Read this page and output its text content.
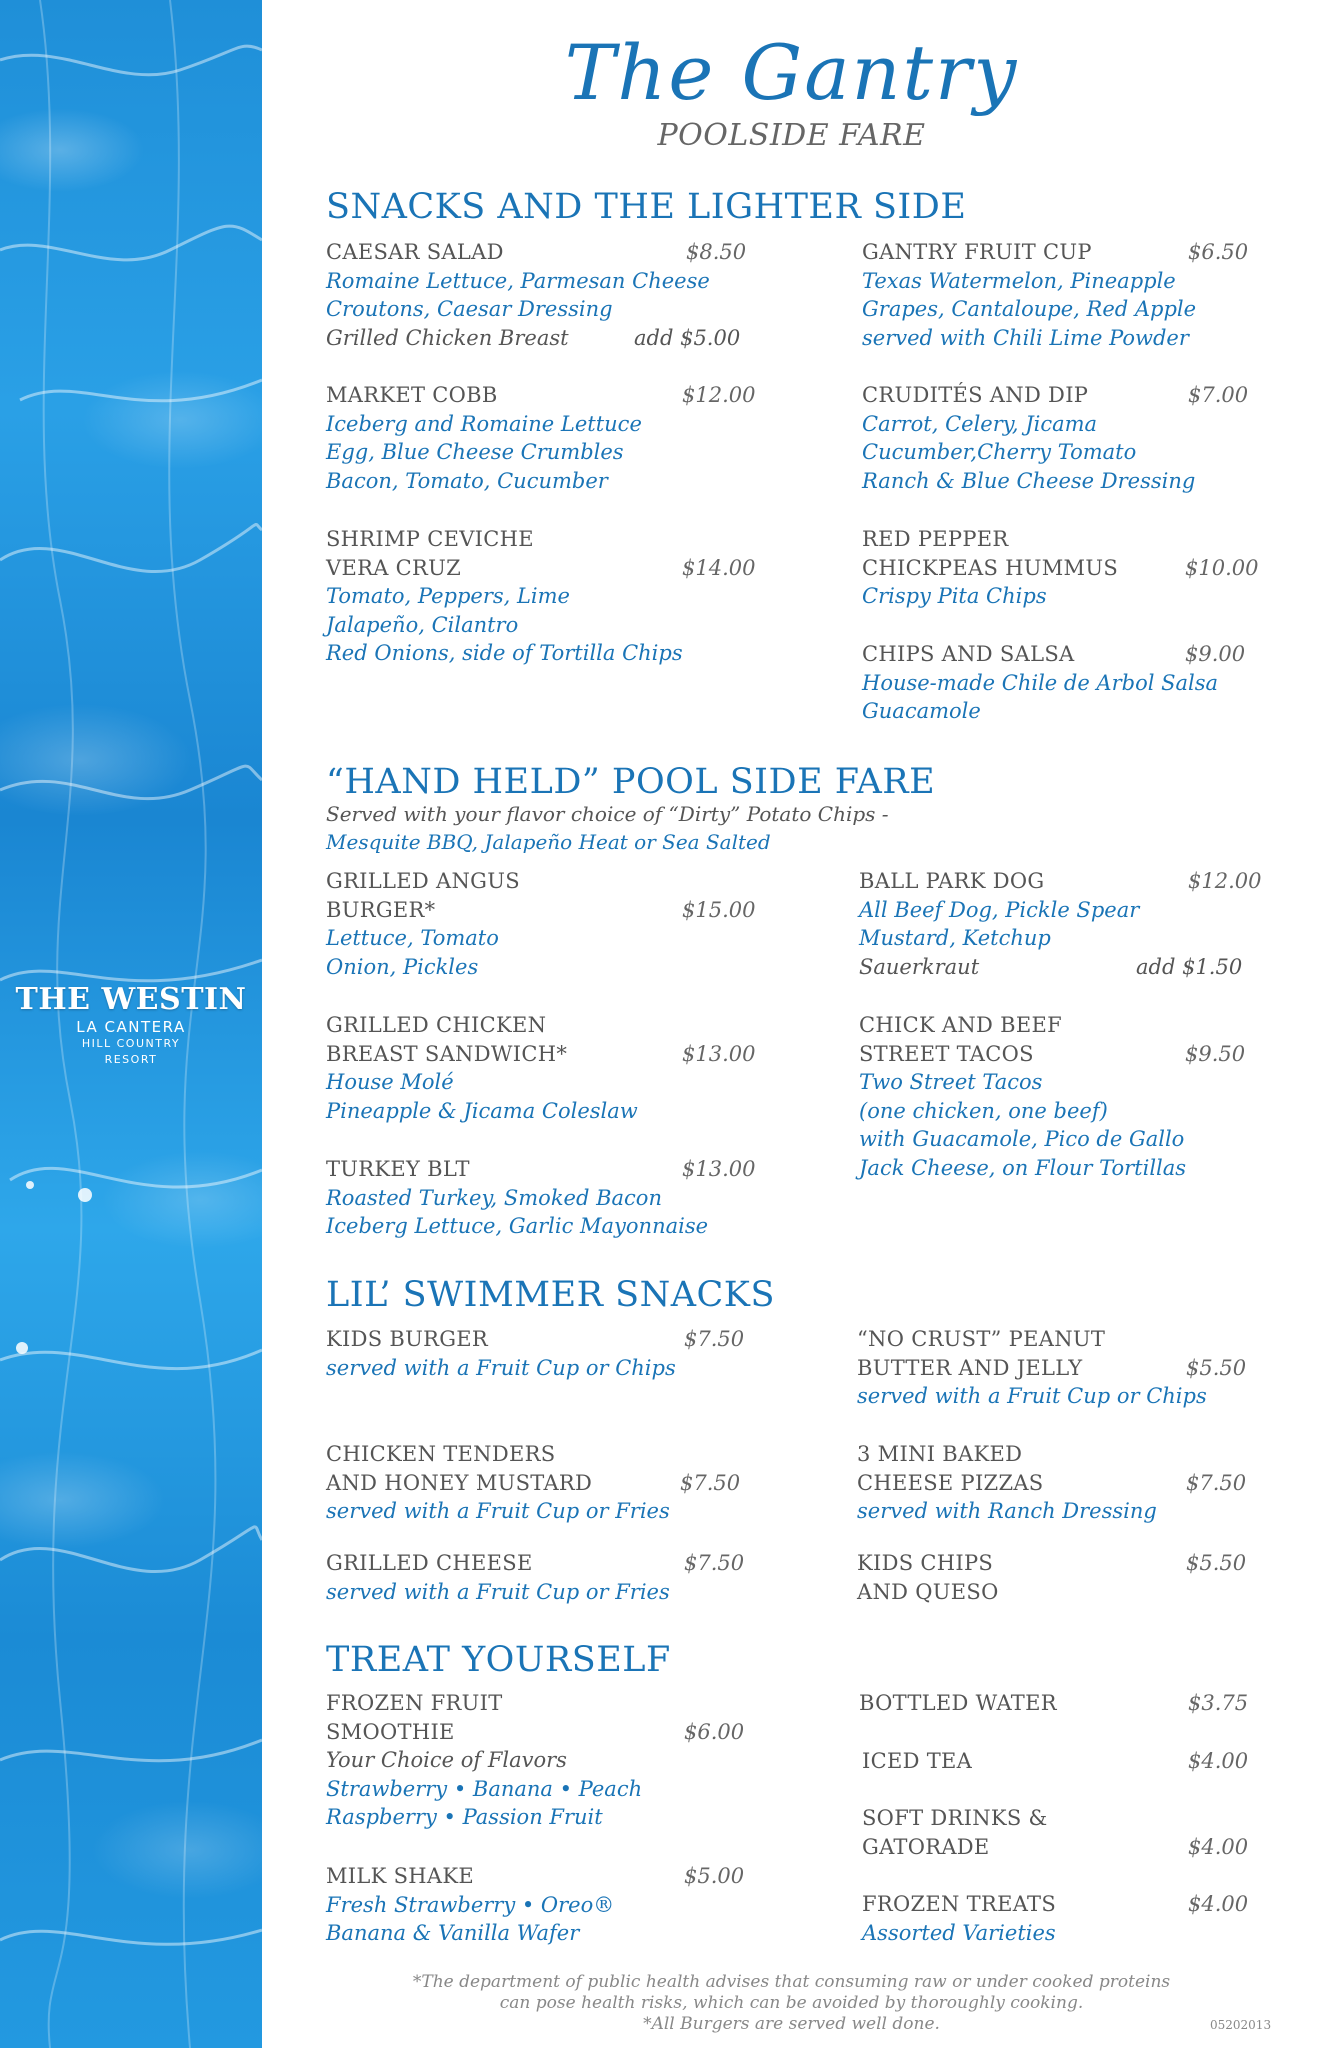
THE WESTIN
LA CANTERA
HILL COUNTRY
RESORT
The Gantry
POOLSIDE FARE
SNACKS AND THE LIGHTER SIDE
CAESAR SALAD
Romaine Lettuce, Parmesan Cheese
Croutons, Caesar Dressing
Grilled Chicken Breast
$8.50
add $5.00
MARKET COBB
Iceberg and Romaine Lettuce
Egg, Blue Cheese Crumbles
Bacon, Tomato, Cucumber
$12.00
SHRIMP CEVICHE
VERA CRUZ
Tomato, Peppers, Lime
Jalapeño, Cilantro
Red Onions, side of Tortilla Chips
$14.00
GANTRY FRUIT CUP
Texas Watermelon, Pineapple
Grapes, Cantaloupe, Red Apple
served with Chili Lime Powder
$6.50
CRUDITÉS AND DIP
Carrot, Celery, Jicama
Cucumber,Cherry Tomato
Ranch & Blue Cheese Dressing
$7.00
RED PEPPER
CHICKPEAS HUMMUS
Crispy Pita Chips
$10.00
CHIPS AND SALSA
House-made Chile de Arbol Salsa
Guacamole
$9.00
“HAND HELD” POOL SIDE FARE
Served with your flavor choice of “Dirty” Potato Chips -
Mesquite BBQ, Jalapeño Heat or Sea Salted
GRILLED ANGUS
BURGER*
Lettuce, Tomato
Onion, Pickles
$15.00
GRILLED CHICKEN
BREAST SANDWICH*
House Molé
Pineapple & Jicama Coleslaw
$13.00
TURKEY BLT
Roasted Turkey, Smoked Bacon
Iceberg Lettuce, Garlic Mayonnaise
$13.00
BALL PARK DOG
All Beef Dog, Pickle Spear
Mustard, Ketchup
Sauerkraut
$12.00
add $1.50
CHICK AND BEEF
STREET TACOS
Two Street Tacos
(one chicken, one beef)
with Guacamole, Pico de Gallo
Jack Cheese, on Flour Tortillas
$9.50
LIL’ SWIMMER SNACKS
KIDS BURGER
served with a Fruit Cup or Chips
$7.50
CHICKEN TENDERS
AND HONEY MUSTARD
served with a Fruit Cup or Fries
$7.50
GRILLED CHEESE
served with a Fruit Cup or Fries
$7.50
“NO CRUST” PEANUT
BUTTER AND JELLY
served with a Fruit Cup or Chips
$5.50
3 MINI BAKED
CHEESE PIZZAS
served with Ranch Dressing
$7.50
KIDS CHIPS
AND QUESO
$5.50
TREAT YOURSELF
FROZEN FRUIT
SMOOTHIE
Your Choice of Flavors
Strawberry • Banana • Peach
Raspberry • Passion Fruit
$6.00
MILK SHAKE
Fresh Strawberry • Oreo®
Banana & Vanilla Wafer
$5.00
BOTTLED WATER	$3.75
ICED TEA	$4.00
SOFT DRINKS &
GATORADE	$4.00
FROZEN TREATS
Assorted Varieties
$4.00
*The department of public health advises that consuming raw or under cooked proteins
can pose health risks, which can be avoided by thoroughly cooking.
*All Burgers are served well done.	05202013
